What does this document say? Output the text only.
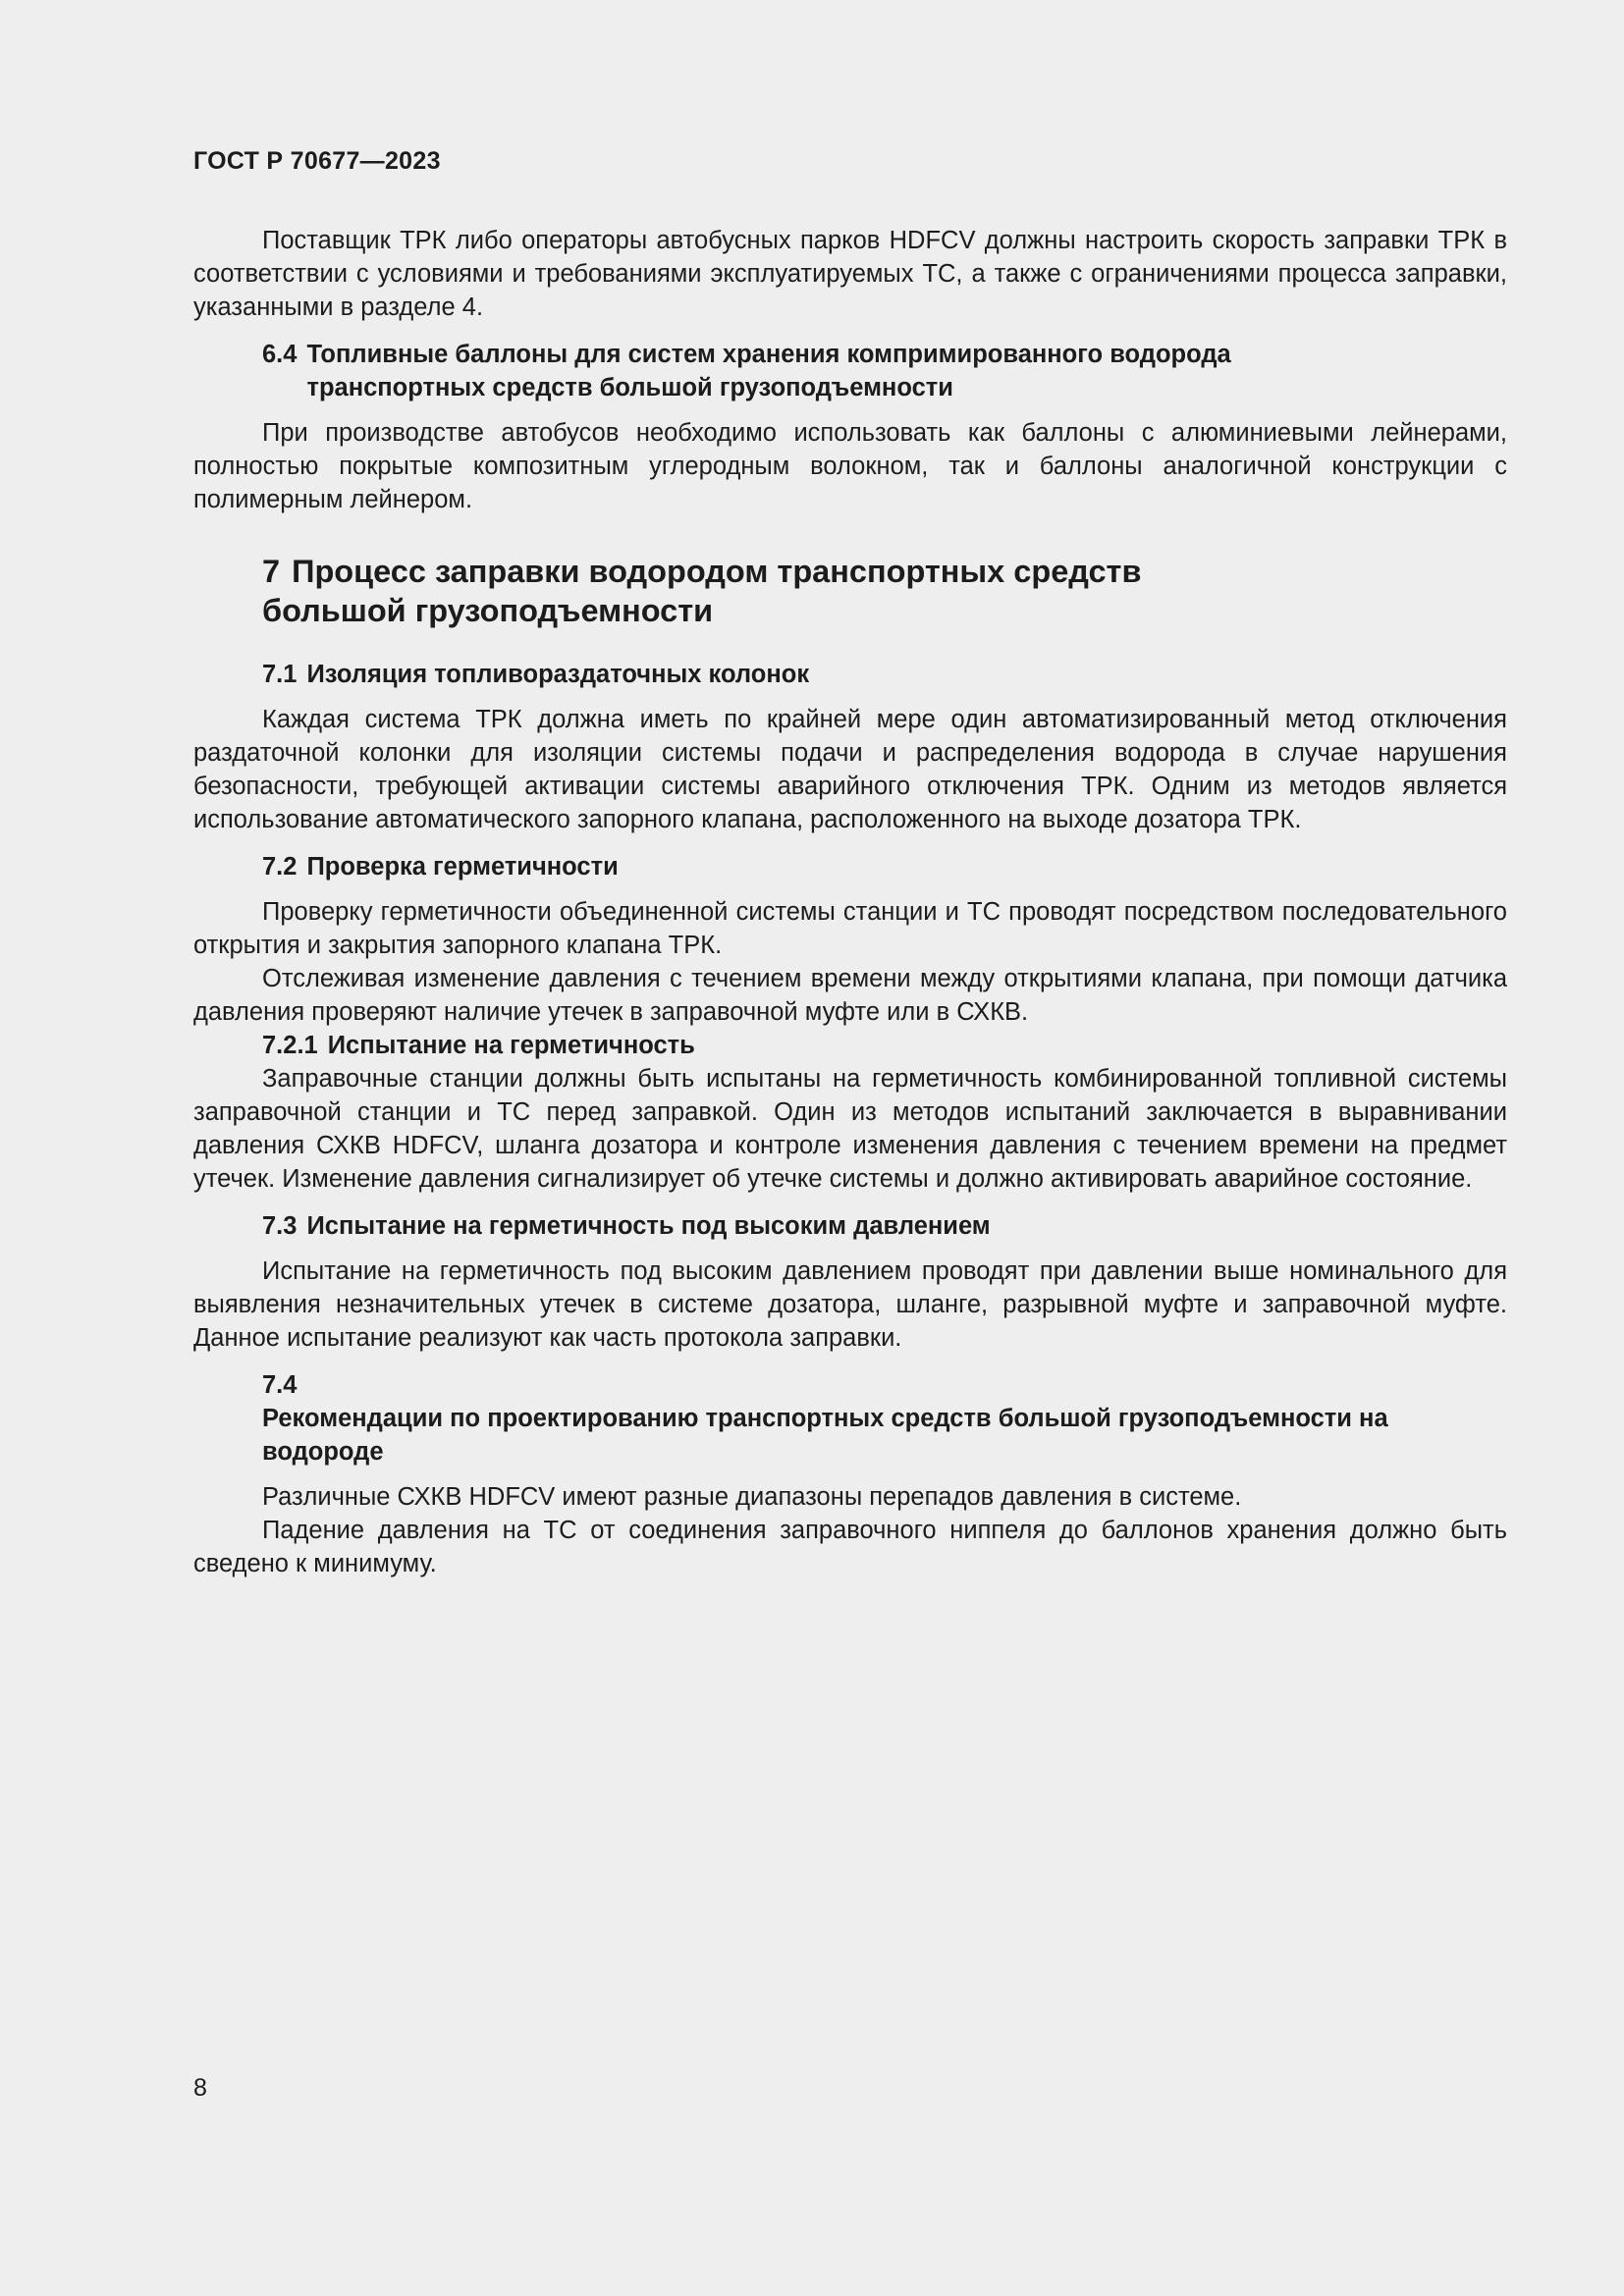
ГОСТ Р 70677—2023

Поставщик ТРК либо операторы автобусных парков HDFCV должны настроить скорость заправки ТРК в соответствии с условиями и требованиями эксплуатируемых ТС, а также с ограничениями процесса заправки, указанными в разделе 4.

6.4 Топливные баллоны для систем хранения компримированного водорода транспортных средств большой грузоподъемности

При производстве автобусов необходимо использовать как баллоны с алюминиевыми лейнерами, полностью покрытые композитным углеродным волокном, так и баллоны аналогичной конструкции с полимерным лейнером.

7 Процесс заправки водородом транспортных средств
большой грузоподъемности
7.1 Изоляция топливораздаточных колонок

Каждая система ТРК должна иметь по крайней мере один автоматизированный метод отключения раздаточной колонки для изоляции системы подачи и распределения водорода в случае нарушения безопасности, требующей активации системы аварийного отключения ТРК. Одним из методов является использование автоматического запорного клапана, расположенного на выходе дозатора ТРК.

7.2 Проверка герметичности

Проверку герметичности объединенной системы станции и ТС проводят посредством последовательного открытия и закрытия запорного клапана ТРК.

Отслеживая изменение давления с течением времени между открытиями клапана, при помощи датчика давления проверяют наличие утечек в заправочной муфте или в СХКВ.

7.2.1 Испытание на герметичность

Заправочные станции должны быть испытаны на герметичность комбинированной топливной системы заправочной станции и ТС перед заправкой. Один из методов испытаний заключается в выравнивании давления СХКВ HDFCV, шланга дозатора и контроле изменения давления с течением времени на предмет утечек. Изменение давления сигнализирует об утечке системы и должно активировать аварийное состояние.

7.3 Испытание на герметичность под высоким давлением

Испытание на герметичность под высоким давлением проводят при давлении выше номинального для выявления незначительных утечек в системе дозатора, шланге, разрывной муфте и заправочной муфте. Данное испытание реализуют как часть протокола заправки.

7.4Рекомендации по проектированию транспортных средств большой грузоподъемности на водороде

Различные СХКВ HDFCV имеют разные диапазоны перепадов давления в системе.

Падение давления на ТС от соединения заправочного ниппеля до баллонов хранения должно быть сведено к минимуму.

8
